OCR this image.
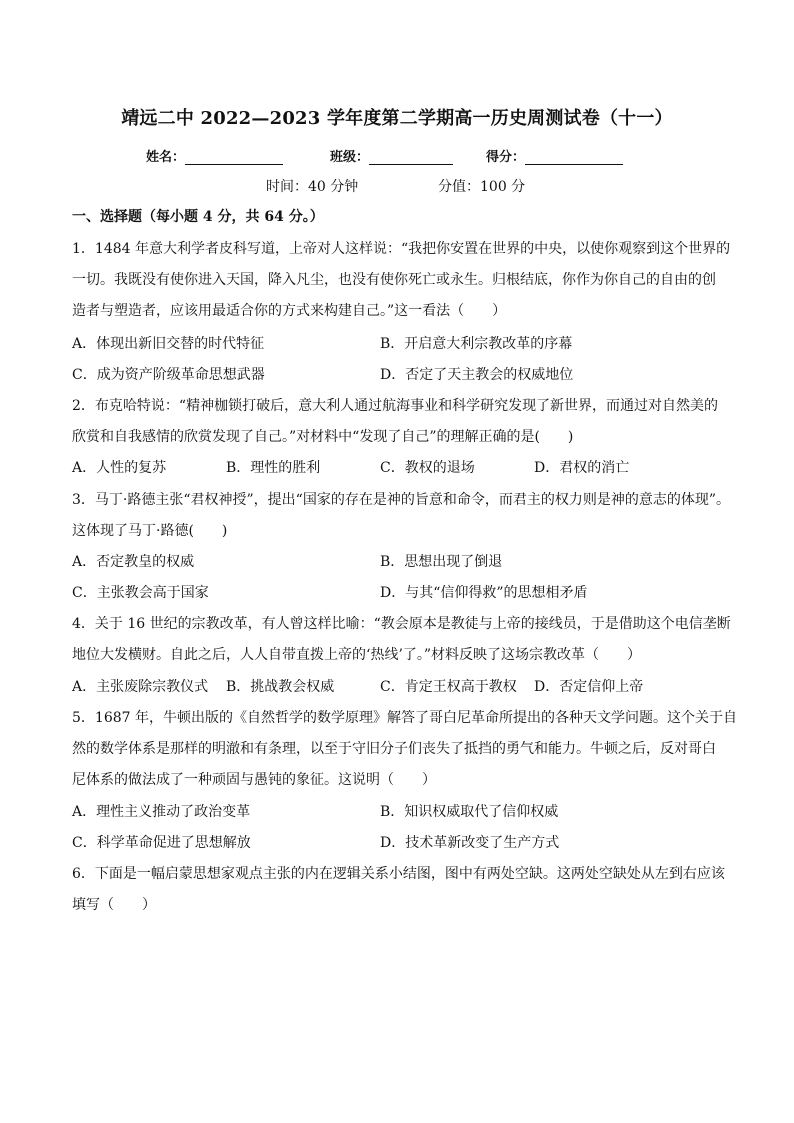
靖远二中 2022—2023 学年度第二学期高一历史周测试卷（十一）
姓名：	班级：	得分：
时间：40 分钟	分值：100 分
一、选择题（每小题 4 分，共 64 分。）
1．1484 年意大利学者皮科写道，上帝对人这样说：“我把你安置在世界的中央，以使你观察到这个世界的
一切。我既没有使你进入天国，降入凡尘，也没有使你死亡或永生。归根结底，你作为你自己的自由的创
造者与塑造者，应该用最适合你的方式来构建自己。”这一看法（　　）
A．体现出新旧交替的时代特征	B．开启意大利宗教改革的序幕
C．成为资产阶级革命思想武器	D．否定了天主教会的权威地位
2．布克哈特说：“精神枷锁打破后，意大利人通过航海事业和科学研究发现了新世界，而通过对自然美的
欣赏和自我感情的欣赏发现了自己。”对材料中“发现了自己”的理解正确的是(　　)
A．人性的复苏	B．理性的胜利	C．教权的退场	D．君权的消亡
3．马丁·路德主张“君权神授”，提出“国家的存在是神的旨意和命令，而君主的权力则是神的意志的体现”。
这体现了马丁·路德(　　)
A．否定教皇的权威	B．思想出现了倒退
C．主张教会高于国家	D．与其“信仰得救”的思想相矛盾
4．关于 16 世纪的宗教改革，有人曾这样比喻：“教会原本是教徒与上帝的接线员，于是借助这个电信垄断
地位大发横财。自此之后，人人自带直拨上帝的‘热线’了。”材料反映了这场宗教改革（　　）
A．主张废除宗教仪式 B．挑战教会权威	C．肯定王权高于教权 D．否定信仰上帝
5．1687 年，牛顿出版的《自然哲学的数学原理》解答了哥白尼革命所提出的各种天文学问题。这个关于自
然的数学体系是那样的明澈和有条理，以至于守旧分子们丧失了抵挡的勇气和能力。牛顿之后，反对哥白
尼体系的做法成了一种顽固与愚钝的象征。这说明（　　）
A．理性主义推动了政治变革	B．知识权威取代了信仰权威
C．科学革命促进了思想解放	D．技术革新改变了生产方式
6．下面是一幅启蒙思想家观点主张的内在逻辑关系小结图，图中有两处空缺。这两处空缺处从左到右应该
填写（　　）
